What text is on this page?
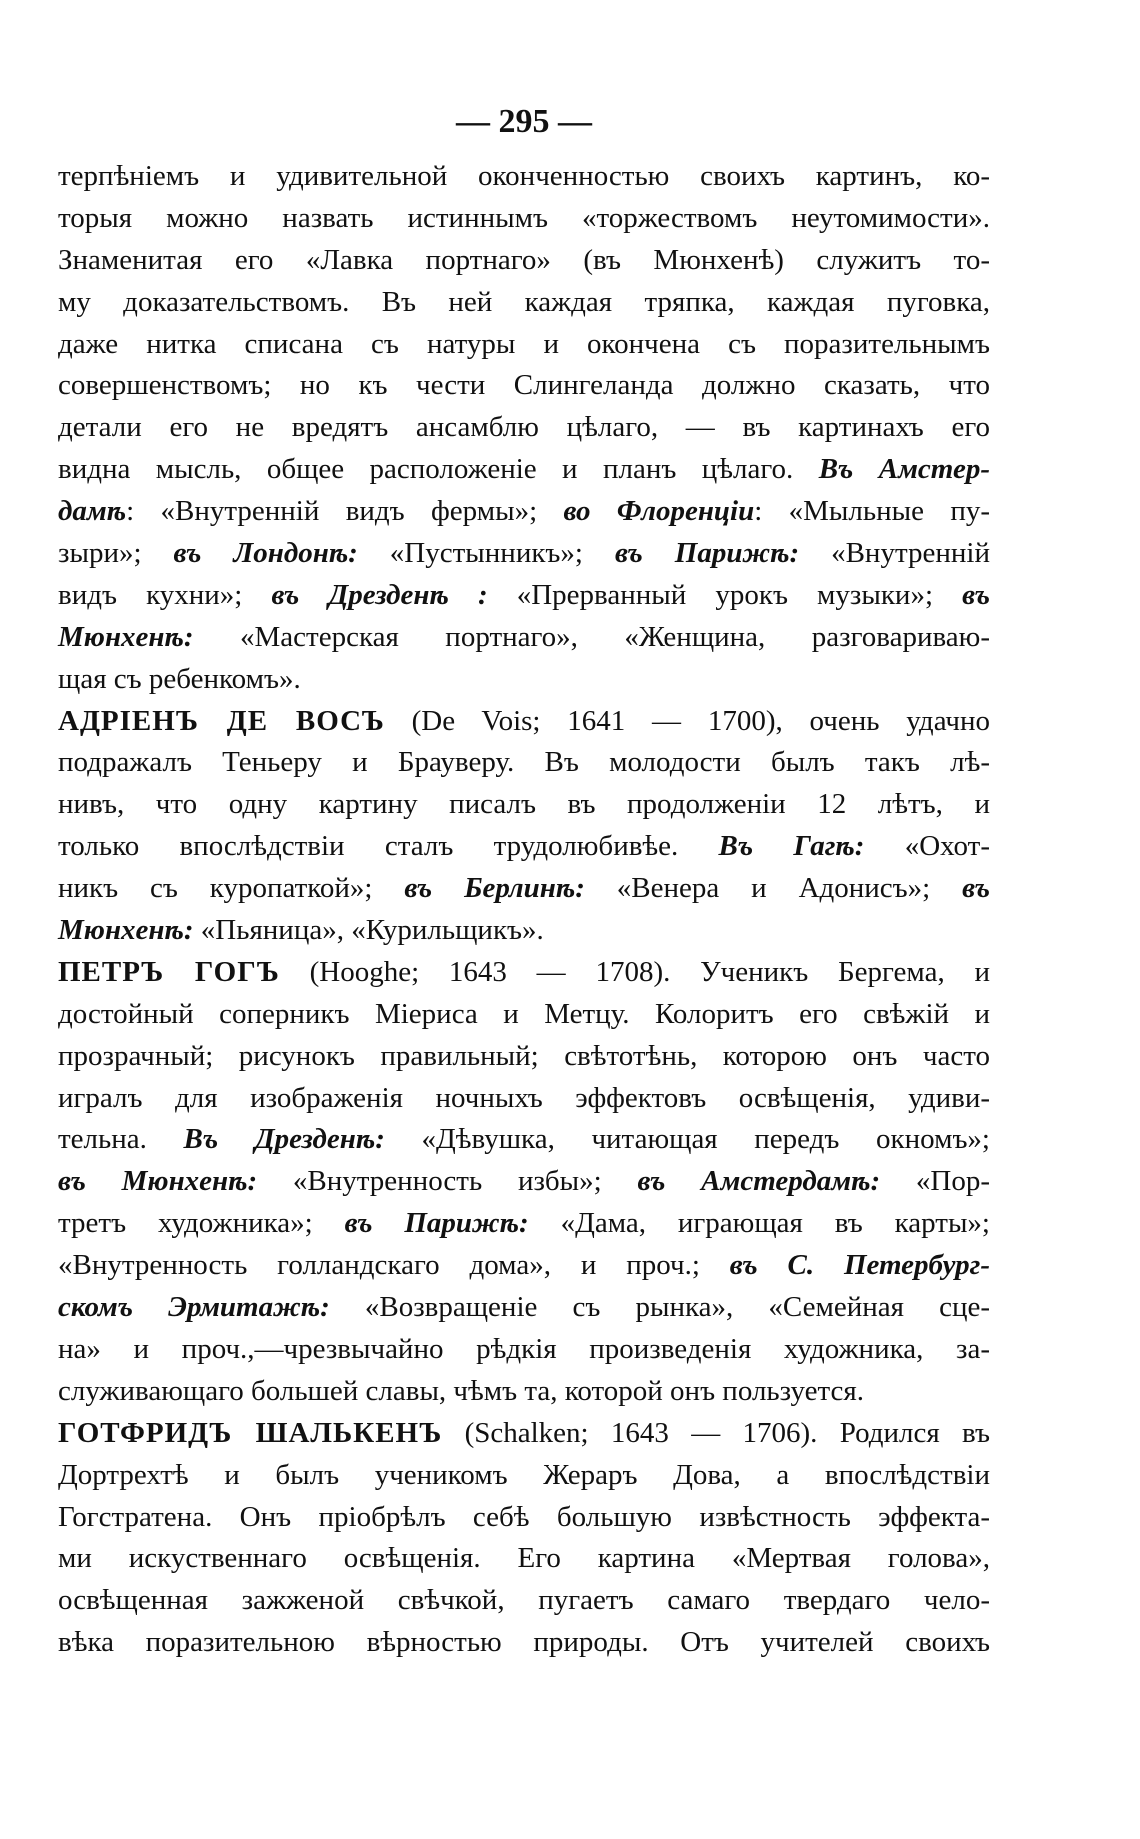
— 295 —
терпѣніемъ и удивительной оконченностью своихъ картинъ, ко-
торыя можно назвать истиннымъ «торжествомъ неутомимости».
Знаменитая его «Лавка портнаго» (въ Мюнхенѣ) служитъ то-
му доказательствомъ. Въ ней каждая тряпка, каждая пуговка,
даже нитка списана съ натуры и окончена съ поразительнымъ
совершенствомъ; но къ чести Слингеланда должно сказать, что
детали его не вредятъ ансамблю цѣлаго, — въ картинахъ его
видна мысль, общее расположеніе и планъ цѣлаго. Въ Амстер-
дамѣ: «Внутренній видъ фермы»; во Флоренціи: «Мыльные пу-
зыри»; въ Лондонѣ: «Пустынникъ»; въ Парижѣ: «Внутренній
видъ кухни»; въ Дрезденѣ : «Прерванный урокъ музыки»; въ
Мюнхенѣ: «Мастерская портнаго», «Женщина, разговариваю-
щая съ ребенкомъ».
АДРІЕНЪ ДЕ ВОСЪ (De Vois; 1641 — 1700), очень удачно
подражалъ Теньеру и Брауверу. Въ молодости былъ такъ лѣ-
нивъ, что одну картину писалъ въ продолженіи 12 лѣтъ, и
только впослѣдствіи сталъ трудолюбивѣе. Въ Гагѣ: «Охот-
никъ съ куропаткой»; въ Берлинѣ: «Венера и Адонисъ»; въ
Мюнхенѣ: «Пьяница», «Курильщикъ».
ПЕТРЪ ГОГЪ (Hooghe; 1643 — 1708). Ученикъ Бергема, и
достойный соперникъ Міериса и Метцу. Колоритъ его свѣжій и
прозрачный; рисунокъ правильный; свѣтотѣнь, которою онъ часто
игралъ для изображенія ночныхъ эффектовъ освѣщенія, удиви-
тельна. Въ Дрезденѣ: «Дѣвушка, читающая передъ окномъ»;
въ Мюнхенѣ: «Внутренность избы»; въ Амстердамѣ: «Пор-
третъ художника»; въ Парижѣ: «Дама, играющая въ карты»;
«Внутренность голландскаго дома», и проч.; въ С. Петербург-
скомъ Эрмитажѣ: «Возвращеніе съ рынка», «Семейная сце-
на» и проч.,—чрезвычайно рѣдкія произведенія художника, за-
служивающаго большей славы, чѣмъ та, которой онъ пользуется.
ГОТФРИДЪ ШАЛЬКЕНЪ (Schalken; 1643 — 1706). Родился въ
Дортрехтѣ и былъ ученикомъ Жераръ Дова, а впослѣдствіи
Гогстратена. Онъ пріобрѣлъ себѣ большую извѣстность эффекта-
ми искуственнаго освѣщенія. Его картина «Мертвая голова»,
освѣщенная зажженой свѣчкой, пугаетъ самаго твердаго чело-
вѣка поразительною вѣрностью природы. Отъ учителей своихъ
